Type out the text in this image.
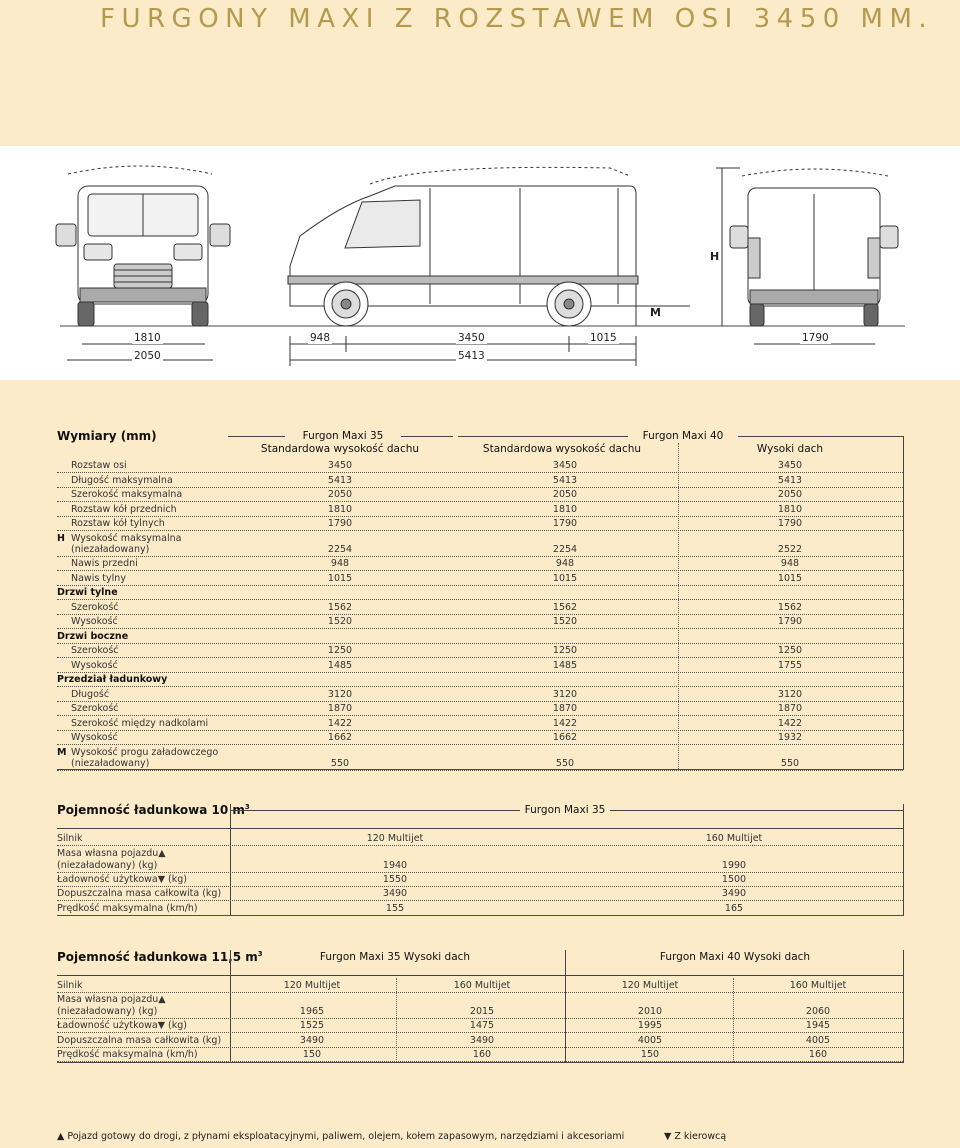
FURGONY MAXI Z ROZSTAWEM OSI 3450 MM.
1810
2050
948	3450	1015
5413
1790
H
M
Wymiary (mm)	Furgon Maxi 35	Furgon Maxi 40
Standardowa wysokość dachu	Standardowa wysokość dachu	Wysoki dach
Rozstaw osi	3450	3450	3450
Długość maksymalna	5413	5413	5413
Szerokość maksymalna	2050	2050	2050
Rozstaw kół przednich	1810	1810	1810
Rozstaw kół tylnych	1790	1790	1790
H Wysokość maksymalna
(niezaładowany)	2254	2254	2522
Nawis przedni	948	948	948
Nawis tylny	1015	1015	1015
Drzwi tylne
Szerokość	1562	1562	1562
Wysokość	1520	1520	1790
Drzwi boczne
Szerokość	1250	1250	1250
Wysokość	1485	1485	1755
Przedział ładunkowy
Długość	3120	3120	3120
Szerokość	1870	1870	1870
Szerokość między nadkolami	1422	1422	1422
Wysokość	1662	1662	1932
M Wysokość progu załadowczego
(niezaładowany)	550	550	550
Pojemność ładunkowa 10 $m^3$	Furgon Maxi 35
Silnik	120 Multijet	160 Multijet
Masa własna pojazdu▲
(niezaładowany) (kg)	1940	1990
Ładowność użytkowa▼ (kg)	1550	1500
Dopuszczalna masa całkowita (kg)	3490	3490
Prędkość maksymalna (km/h)	155	165
Pojemność ładunkowa 11,5 $m^3$	Furgon Maxi 35 Wysoki dach	Furgon Maxi 40 Wysoki dach
Silnik	120 Multijet	160 Multijet	120 Multijet	160 Multijet
Masa własna pojazdu▲
(niezaładowany) (kg)	1965	2015	2010	2060
Ładowność użytkowa▼ (kg)	1525	1475	1995	1945
Dopuszczalna masa całkowita (kg)	3490	3490	4005	4005
Prędkość maksymalna (km/h)	150	160	150	160
▲ Pojazd gotowy do drogi, z płynami eksploatacyjnymi, paliwem, olejem, kołem zapasowym, narzędziami i akcesoriami	▼ Z kierowcą
